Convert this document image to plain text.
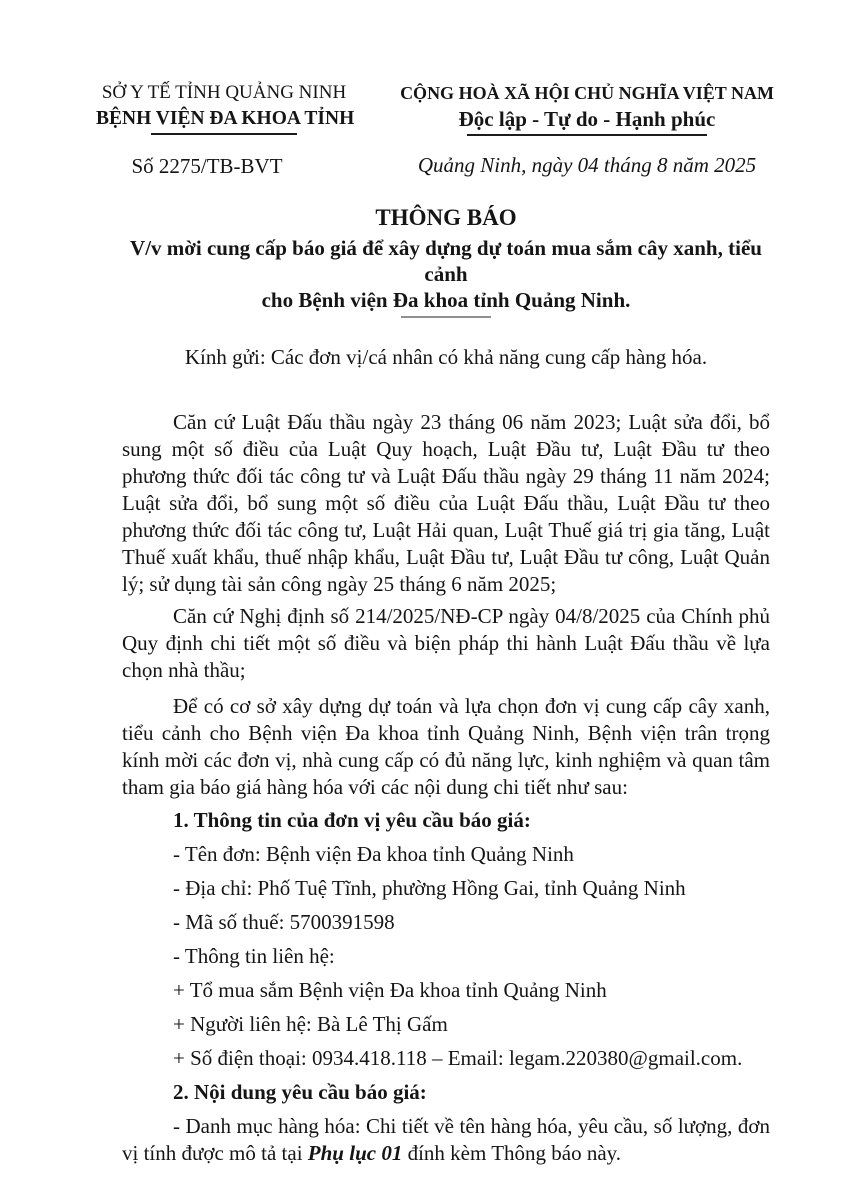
SỞ Y TẾ TỈNH QUẢNG NINH
BỆNH VIỆN ĐA KHOA TỈNH
Số 2275/TB-BVT
CỘNG HOÀ XÃ HỘI CHỦ NGHĨA VIỆT NAM
Độc lập - Tự do - Hạnh phúc
Quảng Ninh, ngày 04 tháng 8 năm 2025
THÔNG BÁO
V/v mời cung cấp báo giá để xây dựng dự toán mua sắm cây xanh, tiểu cảnh
cho Bệnh viện Đa khoa tỉnh Quảng Ninh.
Kính gửi: Các đơn vị/cá nhân có khả năng cung cấp hàng hóa.

Căn cứ Luật Đấu thầu ngày 23 tháng 06 năm 2023; Luật sửa đổi, bổ sung một số điều của Luật Quy hoạch, Luật Đầu tư, Luật Đầu tư theo phương thức đối tác công tư và Luật Đấu thầu ngày 29 tháng 11 năm 2024; Luật sửa đổi, bổ sung một số điều của Luật Đấu thầu, Luật Đầu tư theo phương thức đối tác công tư, Luật Hải quan, Luật Thuế giá trị gia tăng, Luật Thuế xuất khẩu, thuế nhập khẩu, Luật Đầu tư, Luật Đầu tư công, Luật Quản lý; sử dụng tài sản công ngày 25 tháng 6 năm 2025;

Căn cứ Nghị định số 214/2025/NĐ-CP ngày 04/8/2025 của Chính phủ Quy định chi tiết một số điều và biện pháp thi hành Luật Đấu thầu về lựa chọn nhà thầu;

Để có cơ sở xây dựng dự toán và lựa chọn đơn vị cung cấp cây xanh, tiểu cảnh cho Bệnh viện Đa khoa tỉnh Quảng Ninh, Bệnh viện trân trọng kính mời các đơn vị, nhà cung cấp có đủ năng lực, kinh nghiệm và quan tâm tham gia báo giá hàng hóa với các nội dung chi tiết như sau:

1. Thông tin của đơn vị yêu cầu báo giá:

- Tên đơn: Bệnh viện Đa khoa tỉnh Quảng Ninh

- Địa chỉ: Phố Tuệ Tĩnh, phường Hồng Gai, tỉnh Quảng Ninh

- Mã số thuế: 5700391598

- Thông tin liên hệ:

+ Tổ mua sắm Bệnh viện Đa khoa tỉnh Quảng Ninh

+ Người liên hệ: Bà Lê Thị Gấm

+ Số điện thoại: 0934.418.118 – Email: legam.220380@gmail.com.

2. Nội dung yêu cầu báo giá:

- Danh mục hàng hóa: Chi tiết về tên hàng hóa, yêu cầu, số lượng, đơn vị tính được mô tả tại Phụ lục 01 đính kèm Thông báo này.
